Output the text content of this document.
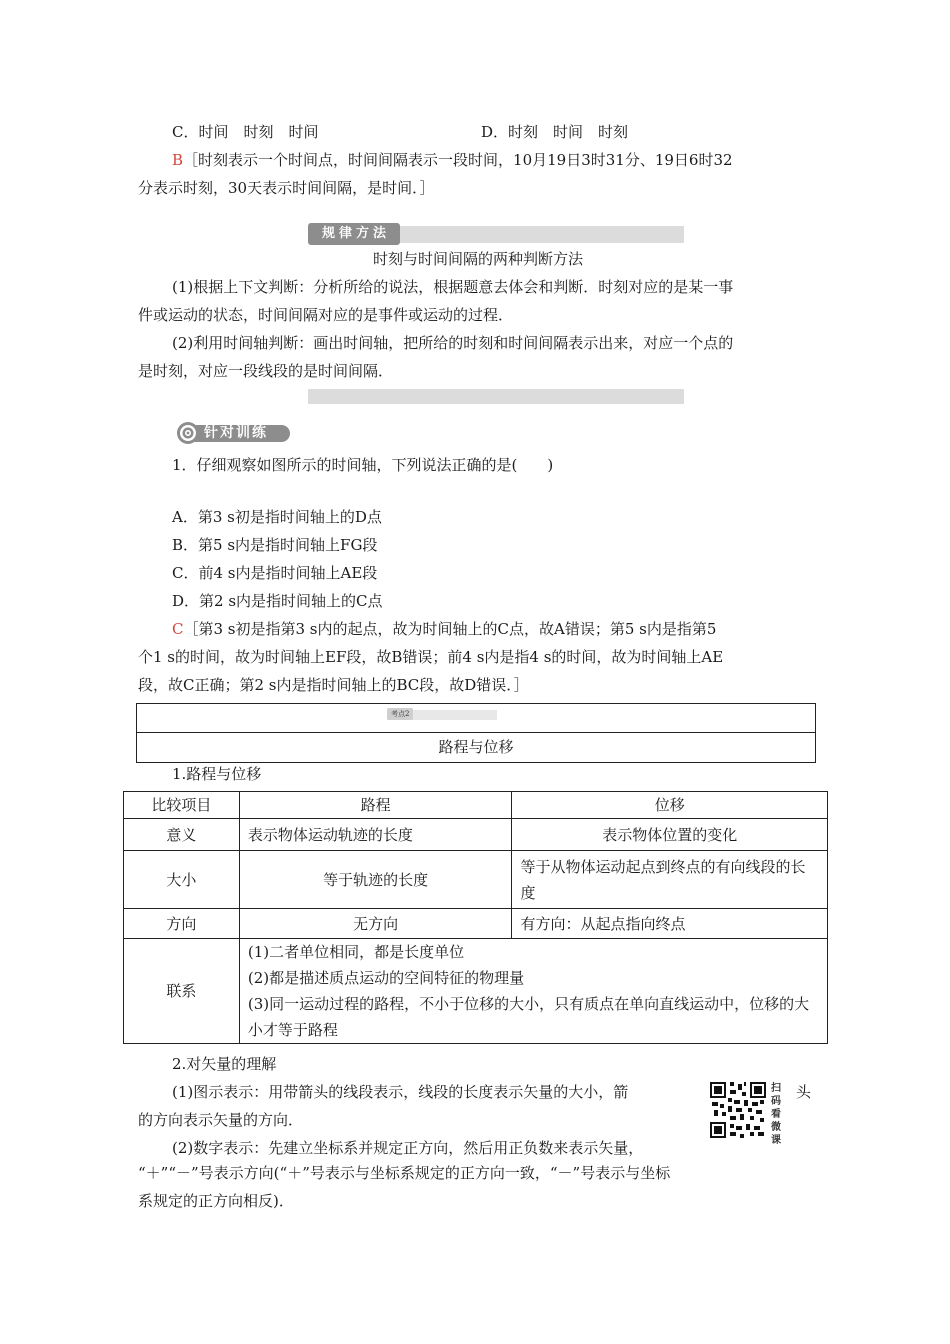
C．时间　时刻　时间	D．时刻　时间　时刻
B［时刻表示一个时间点，时间间隔表示一段时间，10月19日3时31分、19日6时32
分表示时刻，30天表示时间间隔，是时间．］
规律方法
时刻与时间间隔的两种判断方法
(1)根据上下文判断：分析所给的说法，根据题意去体会和判断．时刻对应的是某一事
件或运动的状态，时间间隔对应的是事件或运动的过程．
(2)利用时间轴判断：画出时间轴，把所给的时刻和时间间隔表示出来，对应一个点的
是时刻，对应一段线段的是时间间隔．
针对训练
1．仔细观察如图所示的时间轴，下列说法正确的是(　　)
A．第3 s初是指时间轴上的D点
B．第5 s内是指时间轴上FG段
C．前4 s内是指时间轴上AE段
D．第2 s内是指时间轴上的C点
C［第3 s初是指第3 s内的起点，故为时间轴上的C点，故A错误；第5 s内是指第5
个1 s的时间，故为时间轴上EF段，故B错误；前4 s内是指4 s的时间，故为时间轴上AE
段，故C正确；第2 s内是指时间轴上的BC段，故D错误．］
考点2
路程与位移
1.路程与位移
比较项目	路程	位移
意义	表示物体运动轨迹的长度	表示物体位置的变化
大小	等于轨迹的长度	等于从物体运动起点到终点的有向线段的长度
方向	无方向	有方向：从起点指向终点
联系	(1)二者单位相同，都是长度单位
(2)都是描述质点运动的空间特征的物理量
(3)同一运动过程的路程，不小于位移的大小，只有质点在单向直线运动中，位移的大小才等于路程	
2.对矢量的理解
(1)图示表示：用带箭头的线段表示，线段的长度表示矢量的大小，箭	头
的方向表示矢量的方向．
(2)数字表示：先建立坐标系并规定正方向，然后用正负数来表示矢量，
“＋”“－”号表示方向(“＋”号表示与坐标系规定的正方向一致，“－”号表示与坐标
系规定的正方向相反)．
扫码看微课
